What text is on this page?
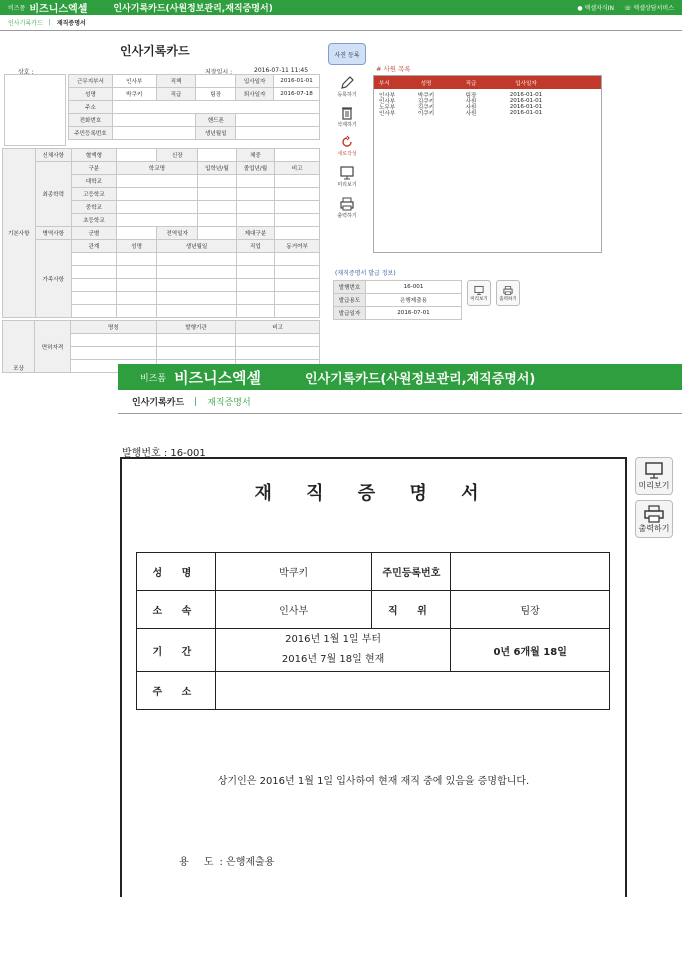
비즈폼 비즈니스엑셀	인사기록카드(사원정보관리,재직증명서)	● 엑셀자식IN ☏ 엑셀상담서비스
인사기록카드 | 재직증명서
인사기록카드
상호 :	저장일시 :	2016-07-11 11:45
근무지부서	인사부	직책		입사일자	2016-01-01
성명	박쿠키	직급	팀장	퇴사일자	2016-07-18
주소					
전화번호			핸드폰		
주민등록번호			생년월일		
기본사항	신체사항	혈액형		신장		체중	
	최종학력	구분	학교명		입학년/월	졸업년/월	비고
		대학교					
		고등학교					
		중학교					
		초등학교					
	병역사항	군별		전역일자		제대구분	
	가족사항	관계	성명	생년월일		직업	동거여부

포상	면허자격	명칭	발행기관	비고

사진 등록
등록하기
삭제하기
새로작성
미리보기
출력하기
# 사원 목록
부서	성명	직급	입사일자
인사부	박쿠키	팀장	2016-01-01
인사부	김쿠키	사원	2016-01-01
노무부	김쿠키	사원	2016-01-01
인사부	이쿠키	사원	2016-01-01
(재직증명서 발급 정보)
발행번호	16-001
발급용도	은행제출용
발급일자	2016-07-01
미리보기	출력하기
비즈폼 비즈니스엑셀	인사기록카드(사원정보관리,재직증명서)
인사기록카드 | 재직증명서
발행번호 : 16-001
재 직 증 명 서
성 명	박쿠키	주민등록번호	
소 속	인사부	직 위	팀장
기 간	2016년 1월 1일 부터
2016년 7월 18일 현재		0년 6개월 18일
주 소			
상기인은 2016년 1월 1일 입사하여 현재 재직 중에 있음을 증명합니다.
용 도: 은행제출용
미리보기
출력하기
